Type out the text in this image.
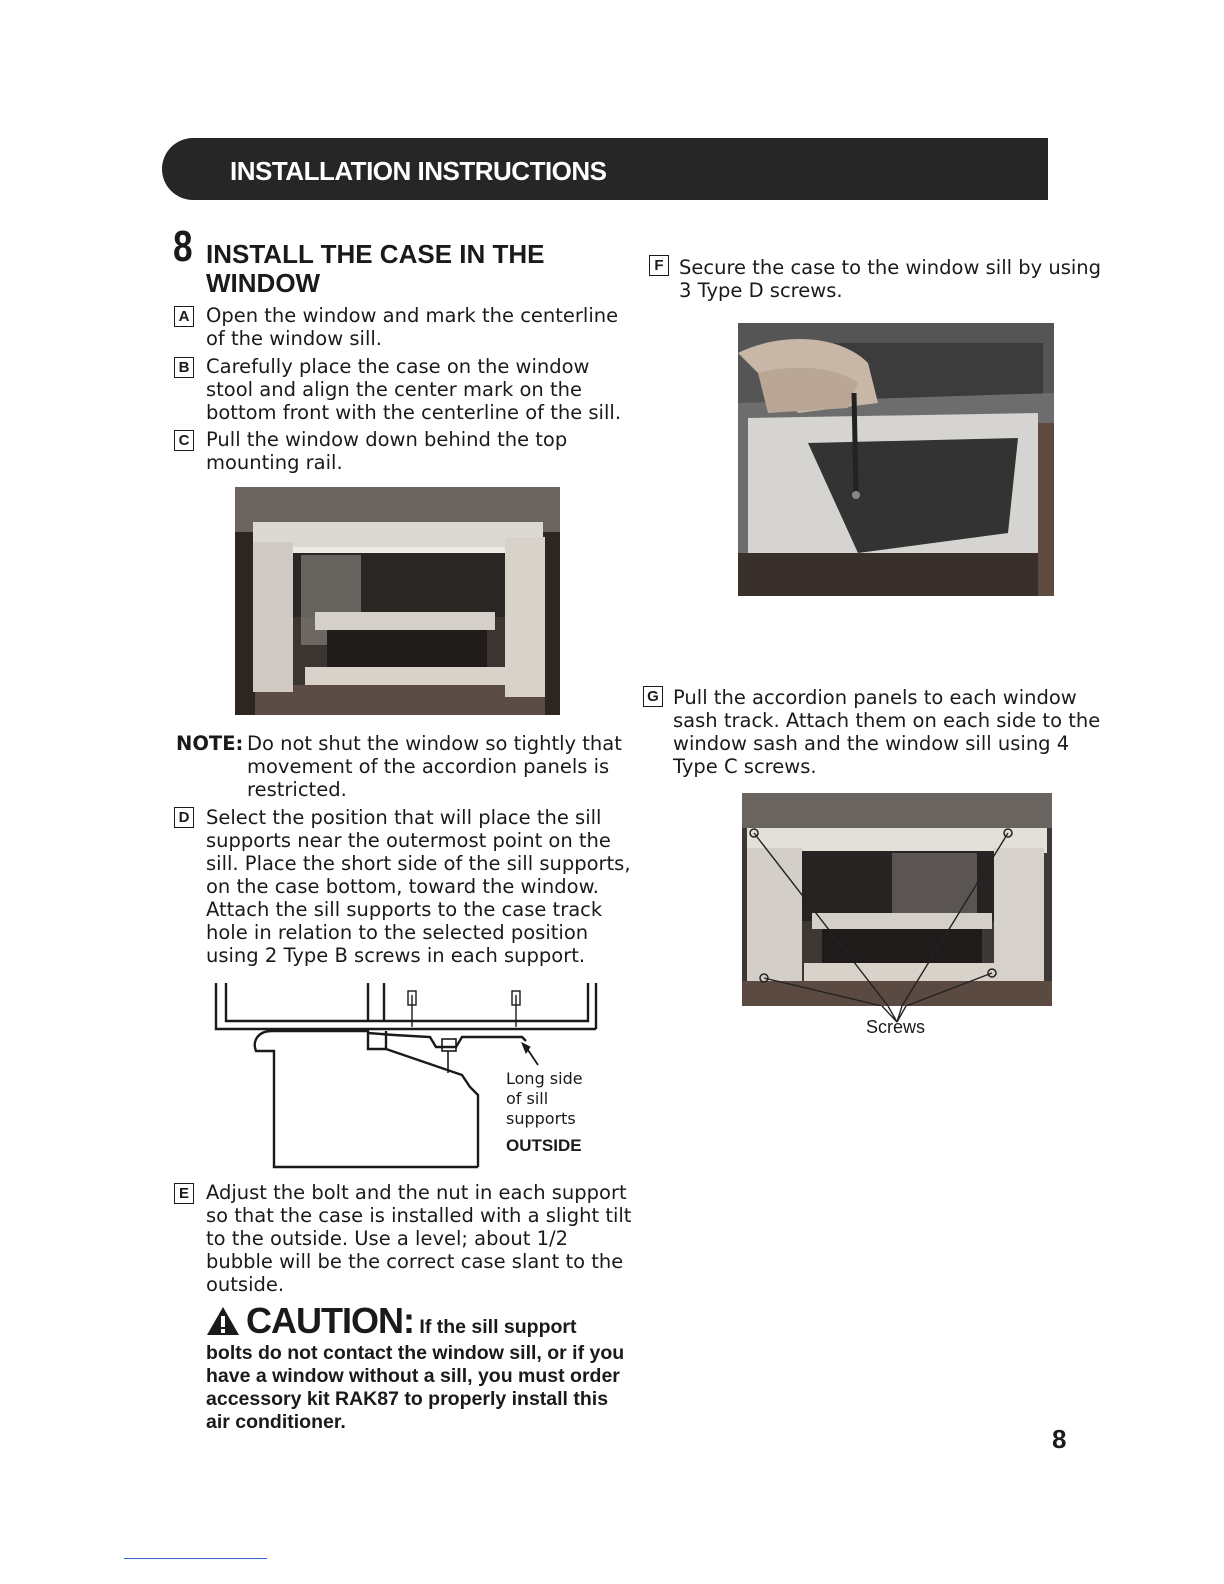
INSTALLATION INSTRUCTIONS
8 INSTALL THE CASE IN THE WINDOW
A Open the window and mark the centerline of the window sill.
B Carefully place the case on the window stool and align the center mark on the bottom front with the centerline of the sill.
C Pull the window down behind the top mounting rail.
NOTE: Do not shut the window so tightly that movement of the accordion panels is restricted.
D Select the position that will place the sill supports near the outermost point on the sill. Place the short side of the sill supports, on the case bottom, toward the window. Attach the sill supports to the case track hole in relation to the selected position using 2 Type B screws in each support.
Long side
of sill
supports
OUTSIDE
E Adjust the bolt and the nut in each support so that the case is installed with a slight tilt to the outside. Use a level; about 1/2 bubble will be the correct case slant to the outside.
CAUTION: If the sill support
bolts do not contact the window sill, or if you have a window without a sill, you must order accessory kit RAK87 to properly install this air conditioner.
F Secure the case to the window sill by using 3 Type D screws.
G Pull the accordion panels to each window sash track. Attach them on each side to the window sash and the window sill using 4 Type C screws.
Screws
8
